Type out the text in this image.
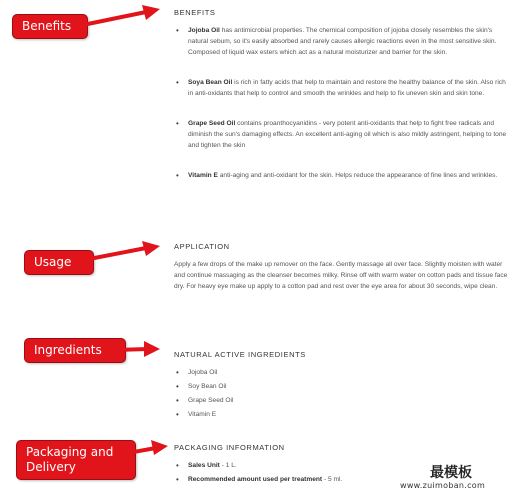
Benefits
Usage
Ingredients
Packaging and
Delivery
BENEFITS
• Jojoba Oil has antimicrobial properties. The chemical composition of jojoba closely resembles the skin's natural sebum, so it's easily absorbed and rarely causes allergic reactions even in the most sensitive skin. Composed of liquid wax esters which act as a natural moisturizer and barrier for the skin.
• Soya Bean Oil is rich in fatty acids that help to maintain and restore the healthy balance of the skin. Also rich in anti-oxidants that help to control and smooth the wrinkles and help to fix uneven skin and skin tone.
• Grape Seed Oil contains proanthocyanidins - very potent anti-oxidants that help to fight free radicals and diminish the sun's damaging effects. An excellent anti-aging oil which is also mildly astringent, helping to tone and tighten the skin
• Vitamin E anti-aging and anti-oxidant for the skin. Helps reduce the appearance of fine lines and wrinkles.
APPLICATION

Apply a few drops of the make up remover on the face. Gently massage all over face. Slightly moisten with water and continue massaging as the cleanser becomes milky. Rinse off with warm water on cotton pads and tissue face dry. For heavy eye make up apply to a cotton pad and rest over the eye area for about 30 seconds, wipe clean.

NATURAL ACTIVE INGREDIENTS
• Jojoba Oil
• Soy Bean Oil
• Grape Seed Oil
• Vitamin E
PACKAGING INFORMATION
• Sales Unit - 1 L.
• Recommended amount used per treatment - 5 ml.	最模板
www.zuimoban.com
